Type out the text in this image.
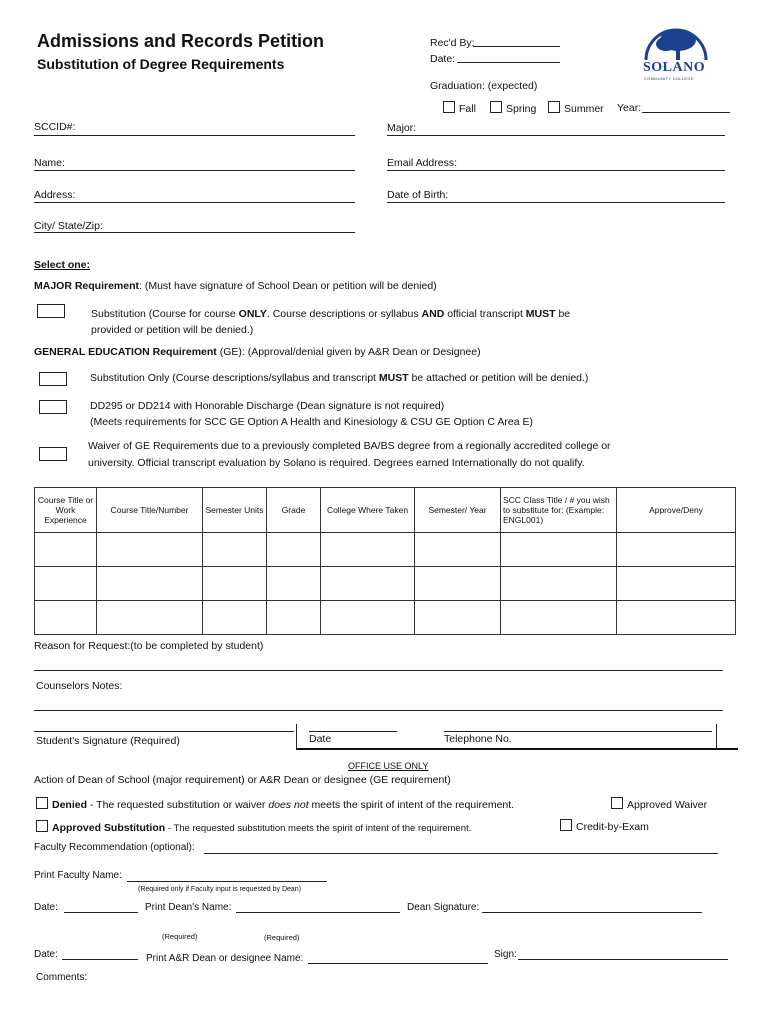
Admissions and Records Petition
Substitution of Degree Requirements
Rec'd By:
Date:
Graduation: (expected)
Fall	Spring	Summer Year:
SOLANO
COMMUNITY COLLEGE
SCCID#:	Major:
Name:	Email Address:
Address:	Date of Birth:
City/ State/Zip:
Select one:
MAJOR Requirement: (Must have signature of School Dean or petition will be denied)
Substitution (Course for course ONLY. Course descriptions or syllabus AND official transcript MUST be
provided or petition will be denied.)
GENERAL EDUCATION Requirement (GE): (Approval/denial given by A&R Dean or Designee)
Substitution Only (Course descriptions/syllabus and transcript MUST be attached or petition will be denied.)
DD295 or DD214 with Honorable Discharge (Dean signature is not required)
(Meets requirements for SCC GE Option A Health and Kinesiology & CSU GE Option C Area E)
Waiver of GE Requirements due to a previously completed BA/BS degree from a regionally accredited college or
university. Official transcript evaluation by Solano is required. Degrees earned Internationally do not qualify.
Course Title or Work Experience	Course Title/Number	Semester Units	Grade	College Where Taken	Semester/ Year	SCC Class Title / # you wish to substitute for: (Example: ENGL001)	Approve/Deny

Reason for Request:(to be completed by student)
Counselors Notes:
Student's Signature (Required)	Date	Telephone No.
OFFICE USE ONLY
Action of Dean of School (major requirement) or A&R Dean or designee (GE requirement)
Denied - The requested substitution or waiver does not meets the spirit of intent of the requirement.	Approved Waiver
Approved Substitution - The requested substitution meets the spirit of intent of the requirement.	Credit-by-Exam
Faculty Recommendation (optional):
Print Faculty Name:
(Required only if Faculty input is requested by Dean)
Date:	Print Dean's Name:	Dean Signature:
(Required)	(Required)
Date:	Print A&R Dean or designee Name:	Sign:
Comments:
